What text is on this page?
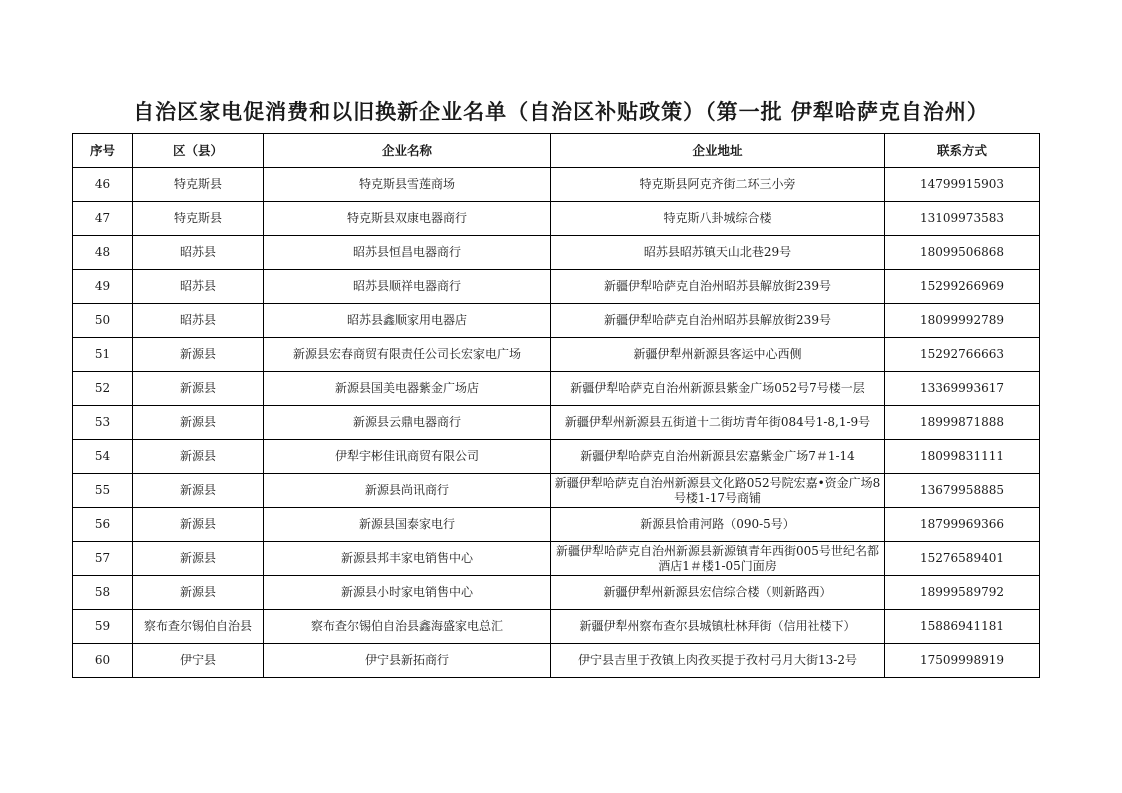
自治区家电促消费和以旧换新企业名单（自治区补贴政策）（第一批 伊犁哈萨克自治州）
序号	区（县）	企业名称	企业地址	联系方式
46	特克斯县	特克斯县雪莲商场	特克斯县阿克齐街二环三小旁	14799915903
47	特克斯县	特克斯县双康电器商行	特克斯八卦城综合楼	13109973583
48	昭苏县	昭苏县恒昌电器商行	昭苏县昭苏镇天山北巷29号	18099506868
49	昭苏县	昭苏县顺祥电器商行	新疆伊犁哈萨克自治州昭苏县解放街239号	15299266969
50	昭苏县	昭苏县鑫顺家用电器店	新疆伊犁哈萨克自治州昭苏县解放街239号	18099992789
51	新源县	新源县宏春商贸有限责任公司长宏家电广场	新疆伊犁州新源县客运中心西侧	15292766663
52	新源县	新源县国美电器紫金广场店	新疆伊犁哈萨克自治州新源县紫金广场052号7号楼一层	13369993617
53	新源县	新源县云鼎电器商行	新疆伊犁州新源县五街道十二街坊青年街084号1-8,1-9号	18999871888
54	新源县	伊犁宇彬佳讯商贸有限公司	新疆伊犁哈萨克自治州新源县宏嘉紫金广场7＃1-14	18099831111
55	新源县	新源县尚讯商行	新疆伊犁哈萨克自治州新源县文化路052号院宏嘉•资金广场8号楼1-17号商铺	13679958885
56	新源县	新源县国泰家电行	新源县恰甫河路（090-5号）	18799969366
57	新源县	新源县邦丰家电销售中心	新疆伊犁哈萨克自治州新源县新源镇青年西街005号世纪名都酒店1＃楼1-05门面房	15276589401
58	新源县	新源县小时家电销售中心	新疆伊犁州新源县宏信综合楼（则新路西）	18999589792
59	察布查尔锡伯自治县	察布查尔锡伯自治县鑫海盛家电总汇	新疆伊犁州察布查尔县城镇杜林拜街（信用社楼下）	15886941181
60	伊宁县	伊宁县新拓商行	伊宁县吉里于孜镇上肉孜买提于孜村弓月大街13-2号	17509998919
